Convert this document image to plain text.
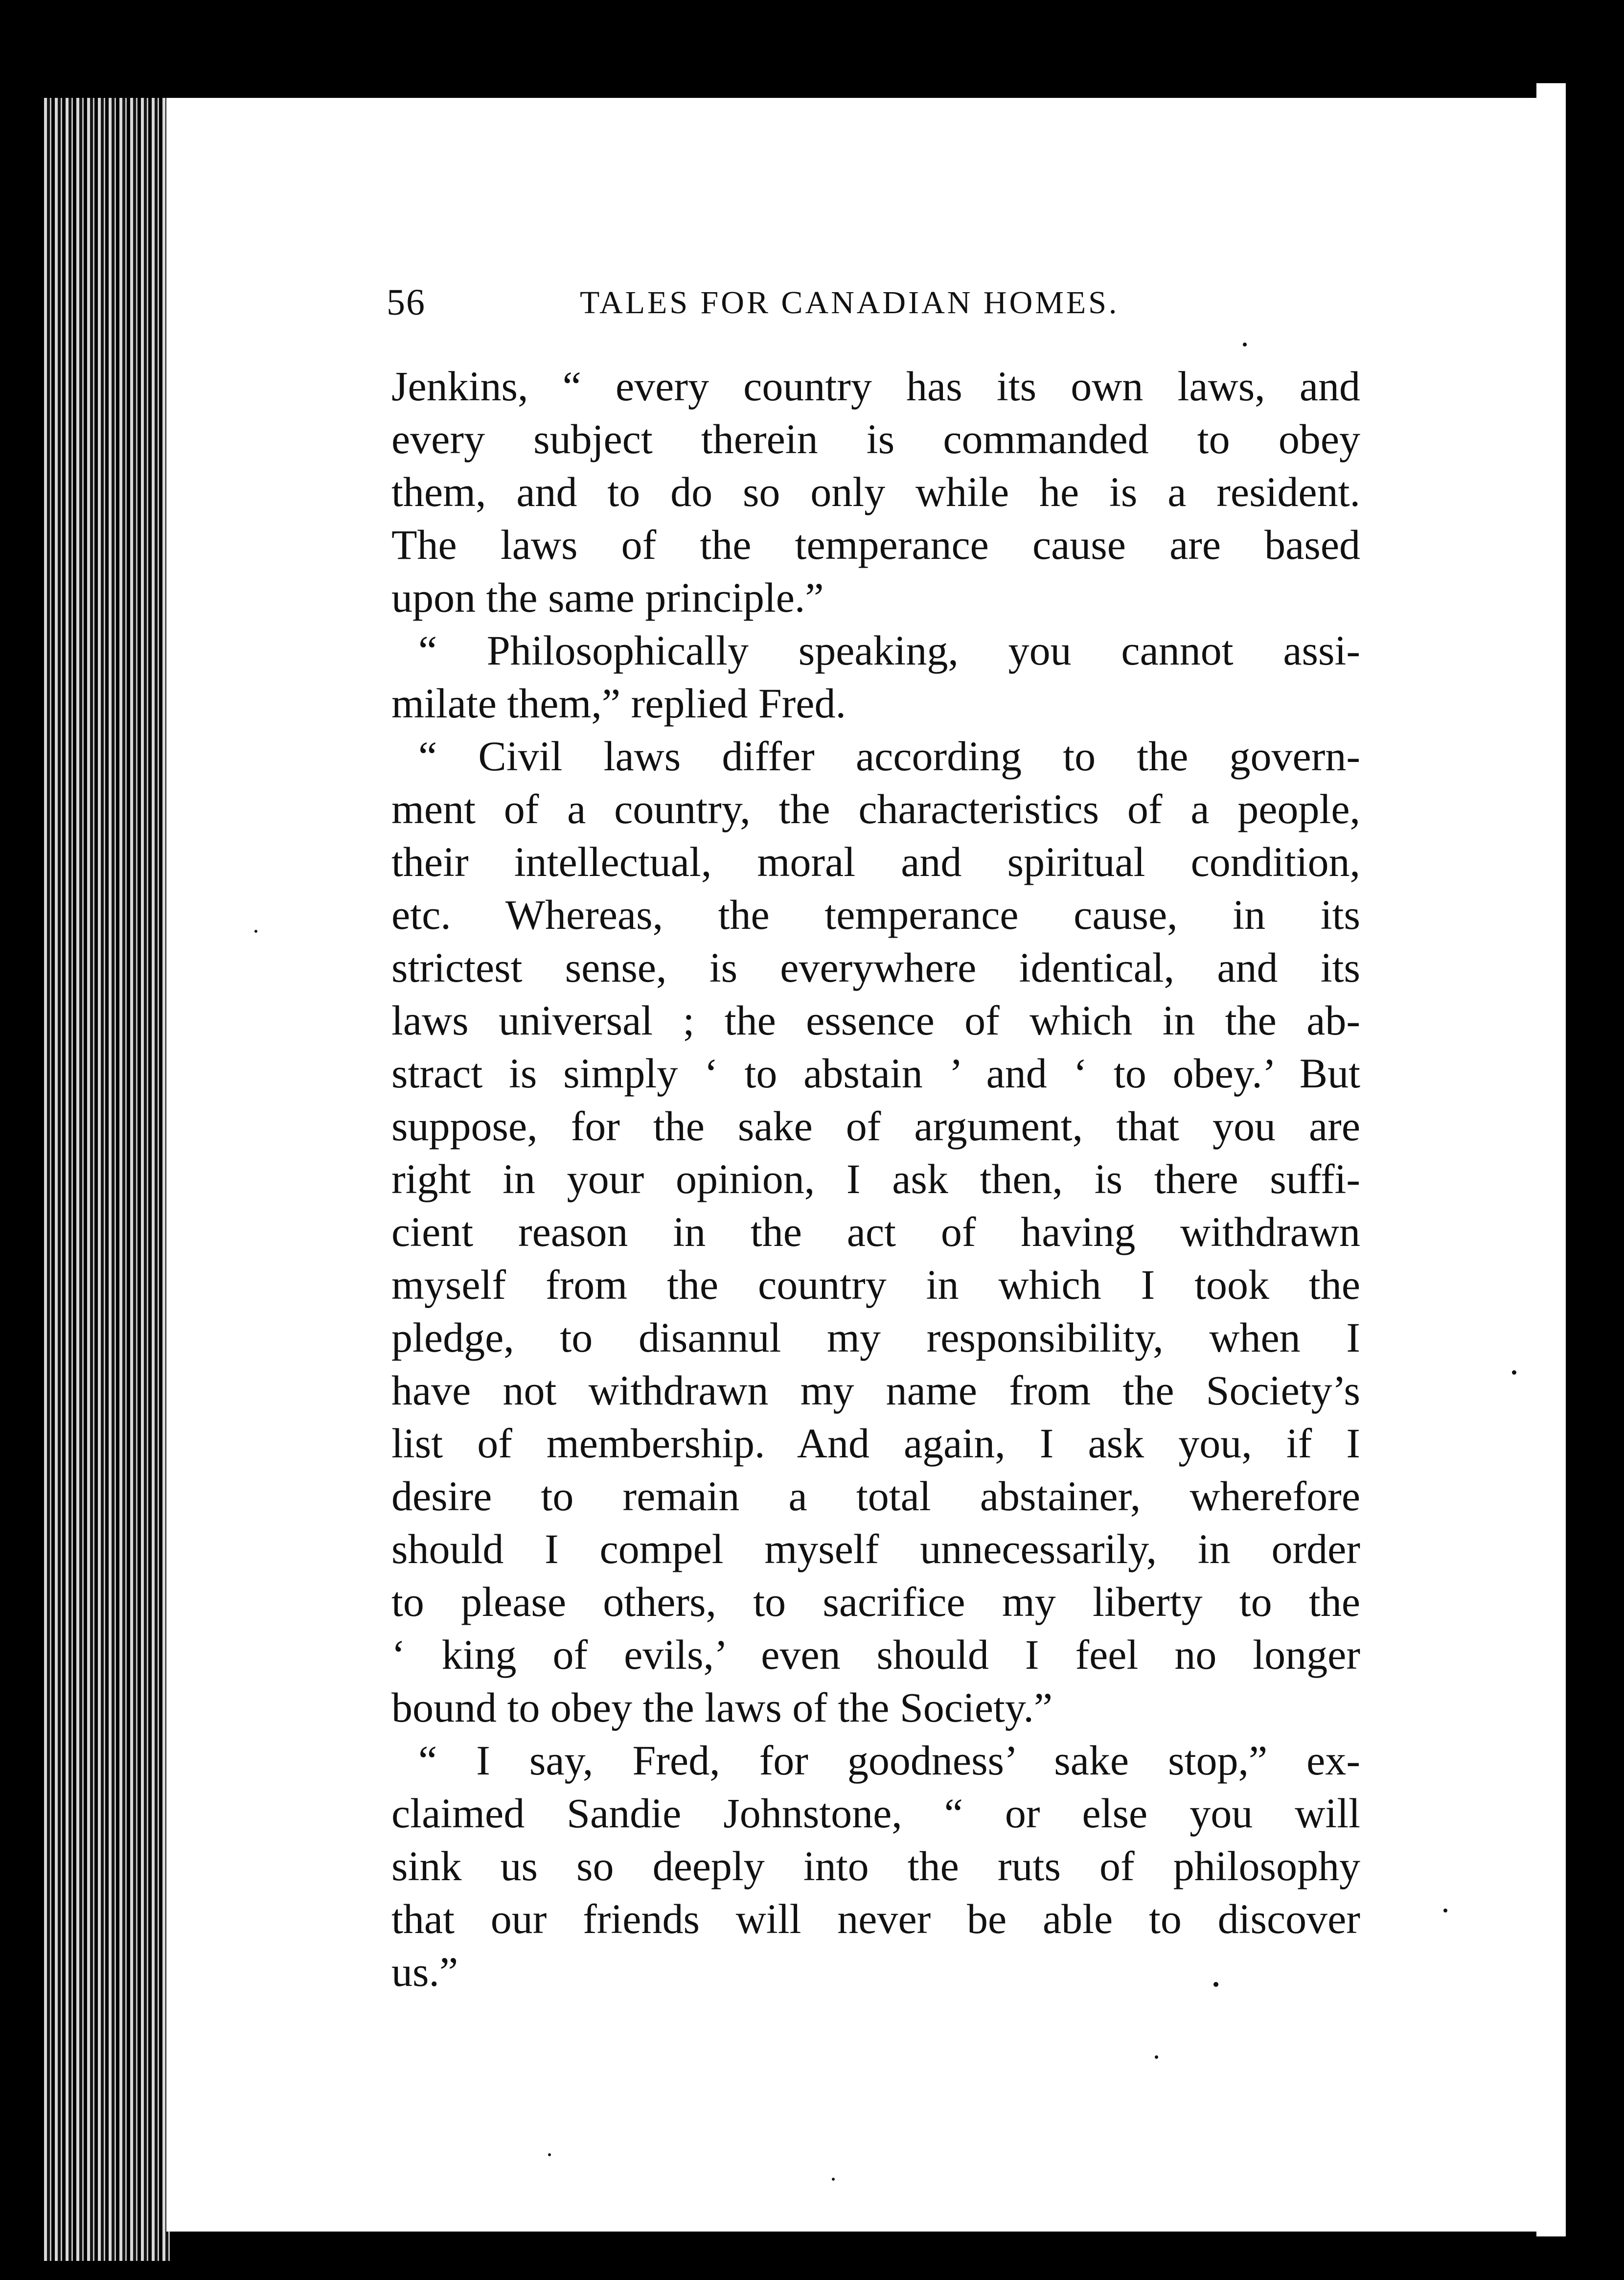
56	TALES FOR CANADIAN HOMES.
Jenkins, “ every country has its own laws, and
every subject therein is commanded to obey
them, and to do so only while he is a resident.
The laws of the temperance cause are based
upon the same principle.”
“ Philosophically speaking, you cannot assi-
milate them,” replied Fred.
“ Civil laws differ according to the govern-
ment of a country, the characteristics of a people,
their intellectual, moral and spiritual condition,
etc. Whereas, the temperance cause, in its
strictest sense, is everywhere identical, and its
laws universal ; the essence of which in the ab-
stract is simply ‘ to abstain ’ and ‘ to obey.’ But
suppose, for the sake of argument, that you are
right in your opinion, I ask then, is there suffi-
cient reason in the act of having withdrawn
myself from the country in which I took the
pledge, to disannul my responsibility, when I
have not withdrawn my name from the Society’s
list of membership. And again, I ask you, if I
desire to remain a total abstainer, wherefore
should I compel myself unnecessarily, in order
to please others, to sacrifice my liberty to the
‘ king of evils,’ even should I feel no longer
bound to obey the laws of the Society.”
“ I say, Fred, for goodness’ sake stop,” ex-
claimed Sandie Johnstone, “ or else you will
sink us so deeply into the ruts of philosophy
that our friends will never be able to discover
us.”
